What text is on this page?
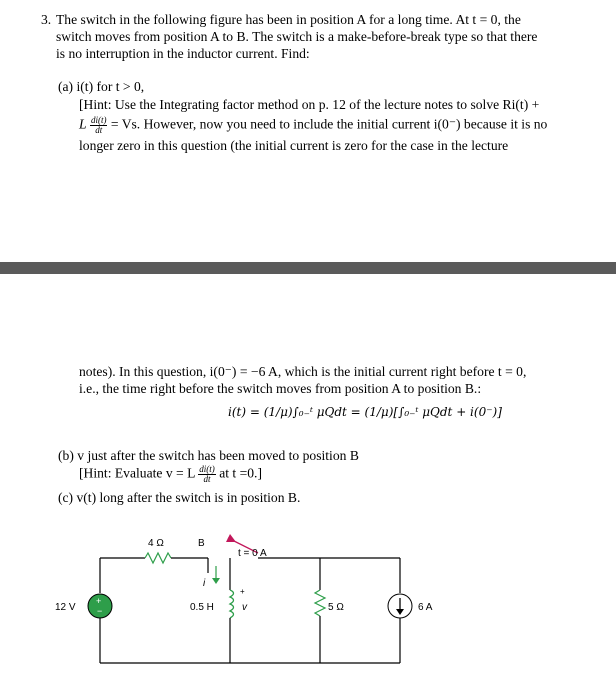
3. The switch in the following figure has been in position A for a long time. At t = 0, the
switch moves from position A to B. The switch is a make-before-break type so that there
is no interruption in the inductor current. Find:
(a) i(t) for t > 0,
[Hint: Use the Integrating factor method on p. 12 of the lecture notes to solve Ri(t) +
L $\frac{di(t)}{dt} = Vs$. However, now you need to include the initial current i(0⁻) because it is no
longer zero in this question (the initial current is zero for the case in the lecture
notes). In this question, i(0⁻) = −6 A, which is the initial current right before t = 0,
i.e., the time right before the switch moves from position A to position B.:
i(t) = (1/μ)∫₀₋ᵗ μQdt = (1/μ)[∫₀₋ᵗ μQdt + i(0⁻)]
(b) v just after the switch has been moved to position B
[Hint: Evaluate v = L $\frac{di(t)}{dt}$ at t =0.]
(c) v(t) long after the switch is in position B.
4 Ω	B
+
−
12 V
t = 0 A
i
0.5 H
+
v	5 Ω	6 A
